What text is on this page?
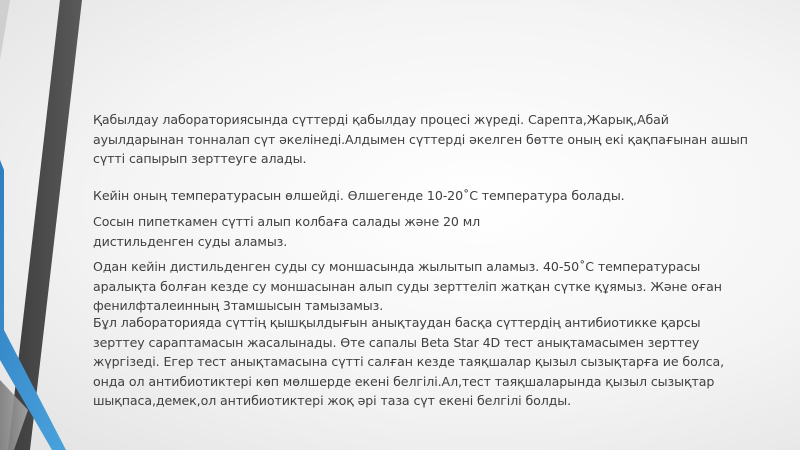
Қабылдау лабораториясында сүттерді қабылдау процесі жүреді. Сарепта,Жарық,Абай
ауылдарынан тонналап сүт әкелінеді.Алдымен сүттерді әкелген бөтте оның екі қақпағынан ашып
сүтті сапырып зерттеуге алады.

Кейін оның температурасын өлшейді. Өлшегенде 10-20˚С температура болады.

Сосын пипеткамен сүтті алып колбаға салады және 20 мл
дистильденген суды аламыз.

Одан кейін дистильденген суды су моншасында жылытып аламыз. 40-50˚С температурасы
аралықта болған кезде су моншасынан алып суды зерттеліп жатқан сүтке құямыз. Және оған
фенилфталеинның 3тамшысын тамызамыз.

Бұл лабораторияда сүттің қышқылдығын анықтаудан басқа сүттердің антибиотикке қарсы
зерттеу сараптамасын жасалынады. Өте сапалы Beta Star 4D тест анықтамасымен зерттеу
жүргізеді. Егер тест анықтамасына сүтті салған кезде таяқшалар қызыл сызықтарға ие болса,
онда ол антибиотиктері көп мөлшерде екені белгілі.Ал,тест таяқшаларында қызыл сызықтар
шықпаса,демек,ол антибиотиктері жоқ әрі таза сүт екені белгілі болды.
